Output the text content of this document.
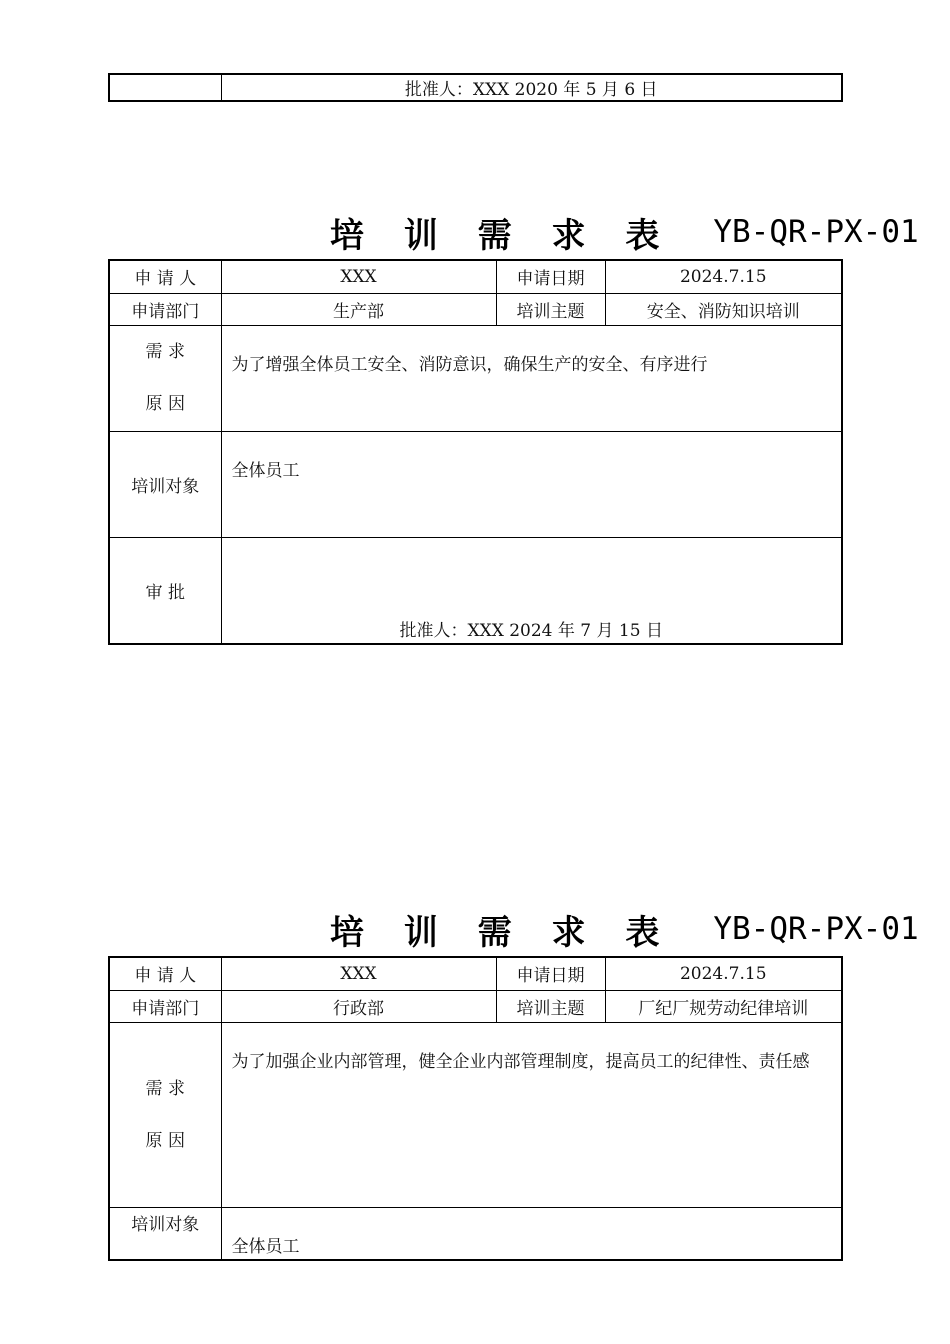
	批准人：XXX 2020 年 5 月 6 日
培 训 需 求 表 YB-QR-PX-01
申 请 人	XXX	申请日期	2024.7.15
申请部门	生产部	培训主题	安全、消防知识培训
需 求
原 因	为了增强全体员工安全、消防意识，确保生产的安全、有序进行		
培训对象	全体员工		
审 批	批准人：XXX 2024 年 7 月 15 日		
培 训 需 求 表 YB-QR-PX-01
申 请 人	XXX	申请日期	2024.7.15
申请部门	行政部	培训主题	厂纪厂规劳动纪律培训
需 求
原 因	为了加强企业内部管理，健全企业内部管理制度，提高员工的纪律性、责任感		
培训对象	全体员工		
